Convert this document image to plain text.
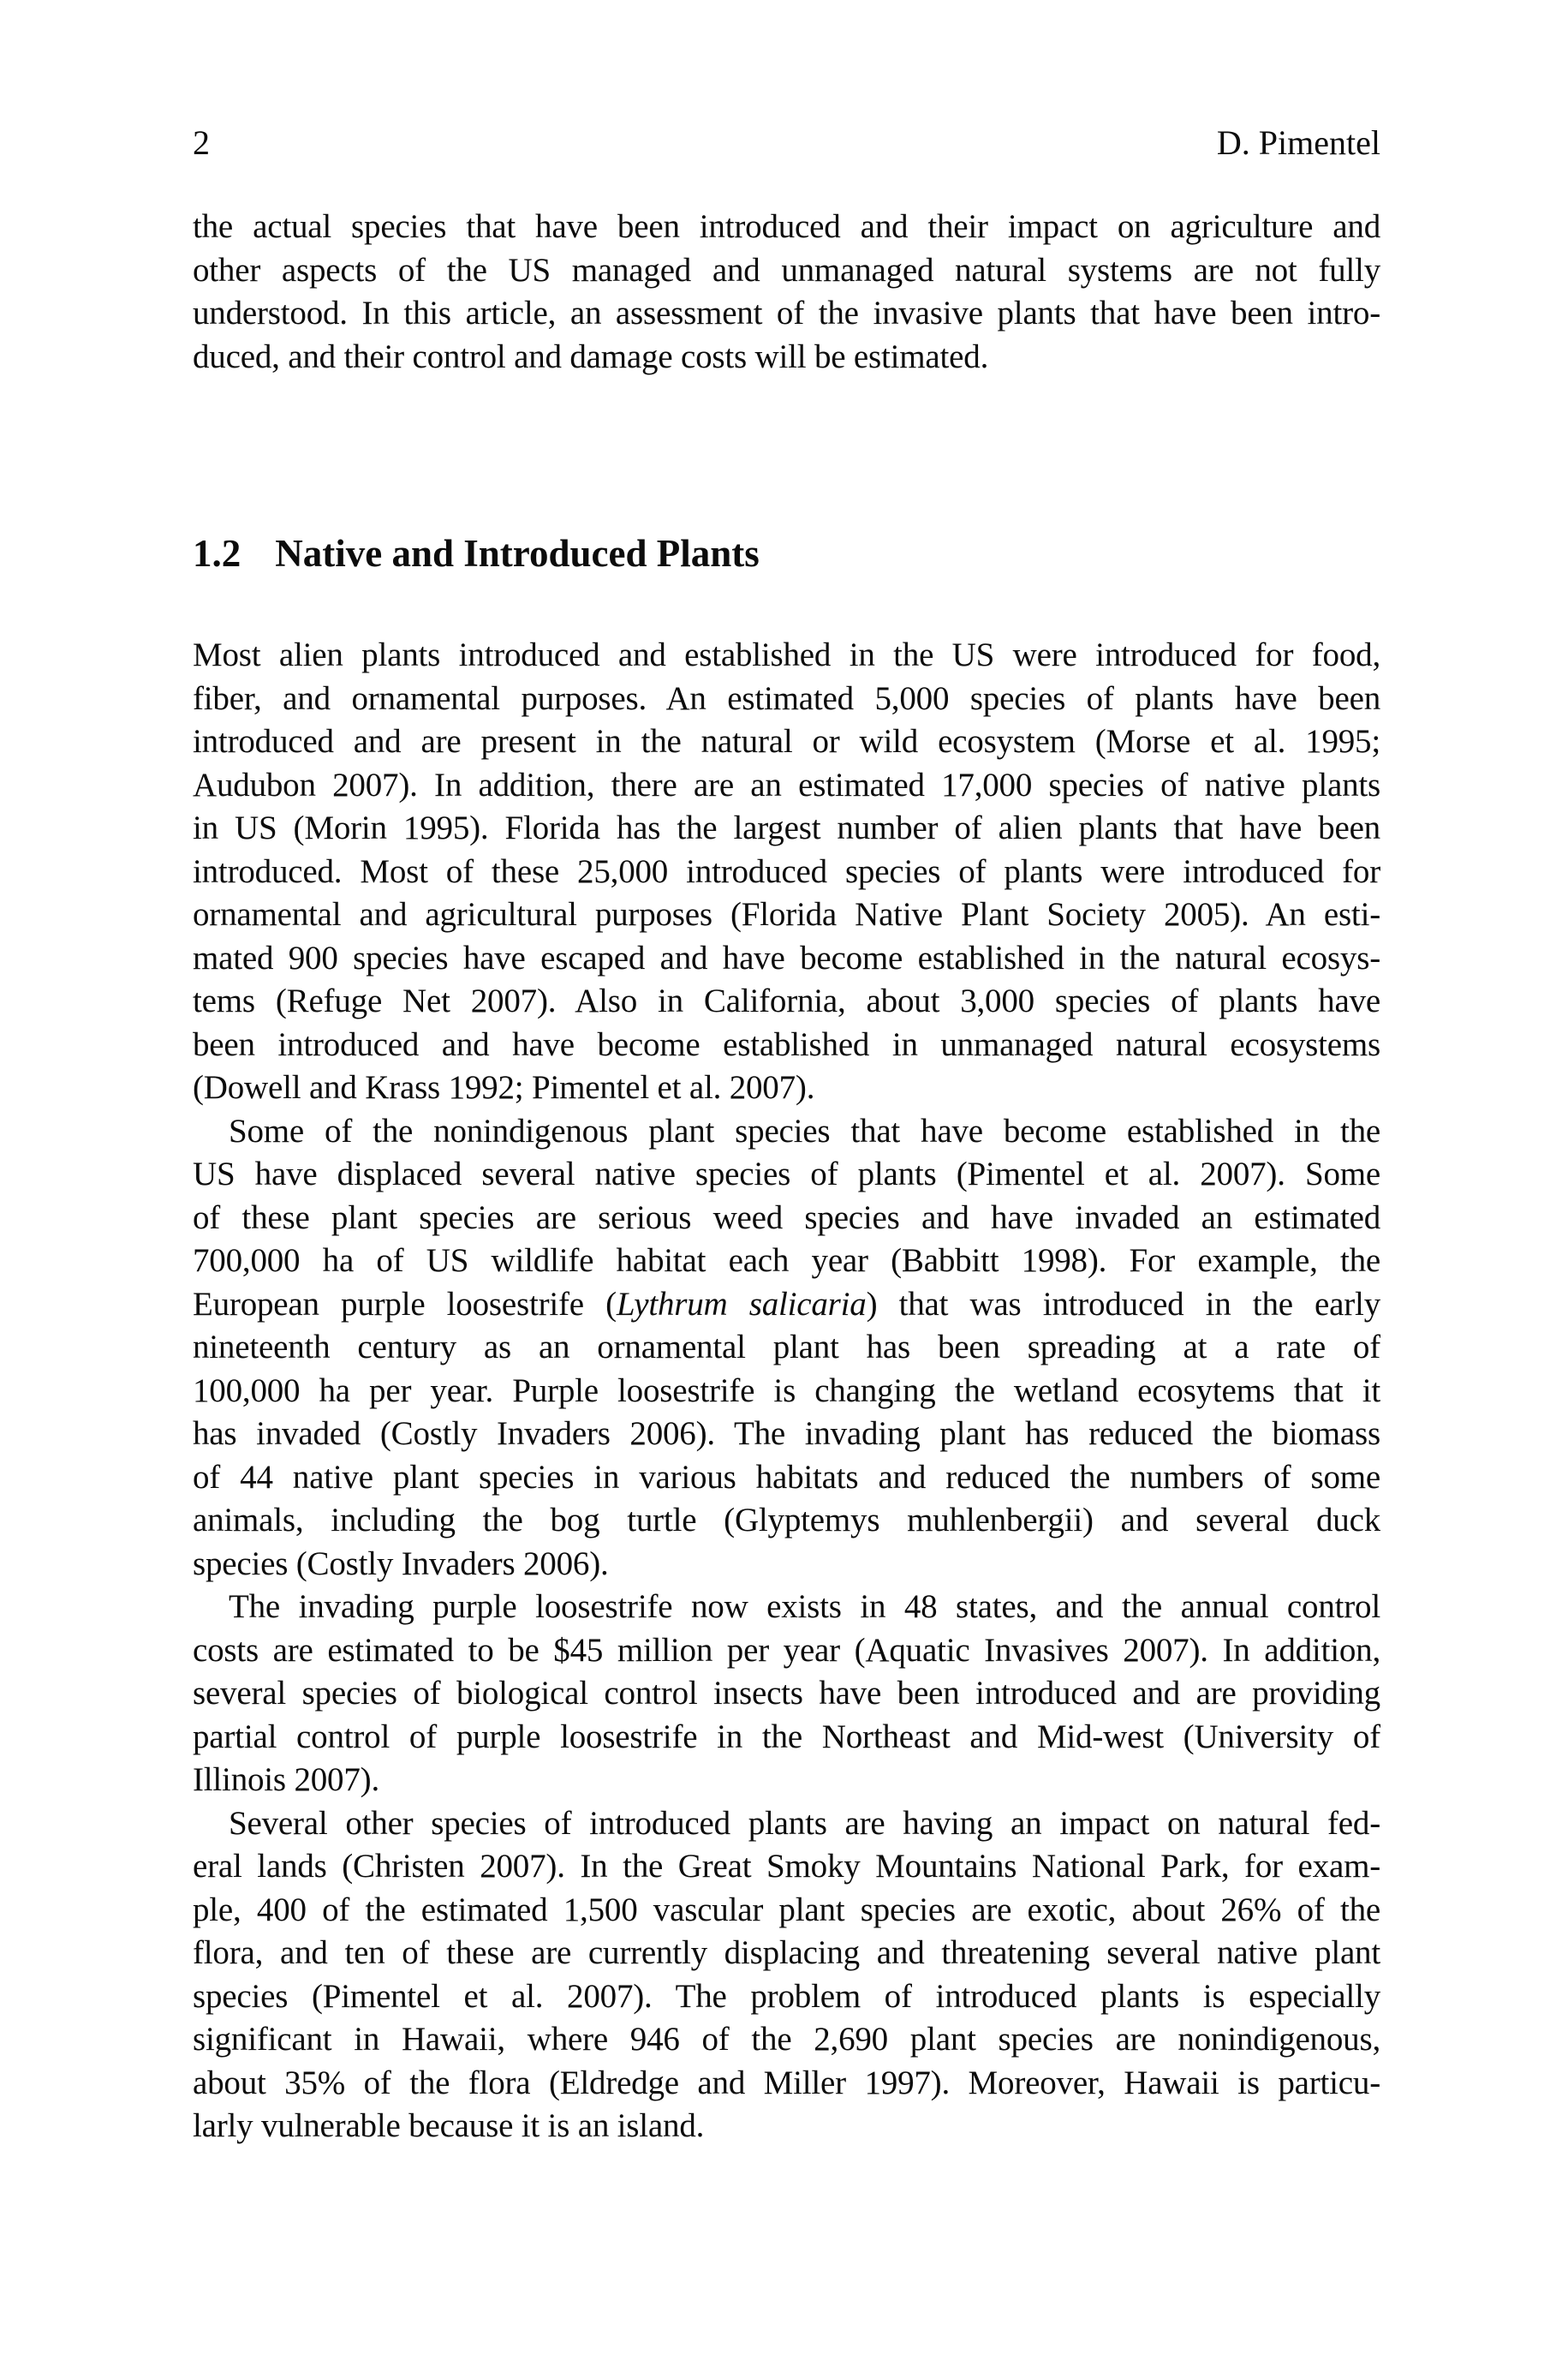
2	D. Pimentel
the actual species that have been introduced and their impact on agriculture and
other aspects of the US managed and unmanaged natural systems are not fully
understood. In this article, an assessment of the invasive plants that have been intro-
duced, and their control and damage costs will be estimated.
1.2 Native and Introduced Plants
Most alien plants introduced and established in the US were introduced for food,
fiber, and ornamental purposes. An estimated 5,000 species of plants have been
introduced and are present in the natural or wild ecosystem (Morse et al. 1995;
Audubon 2007). In addition, there are an estimated 17,000 species of native plants
in US (Morin 1995). Florida has the largest number of alien plants that have been
introduced. Most of these 25,000 introduced species of plants were introduced for
ornamental and agricultural purposes (Florida Native Plant Society 2005). An esti-
mated 900 species have escaped and have become established in the natural ecosys-
tems (Refuge Net 2007). Also in California, about 3,000 species of plants have
been introduced and have become established in unmanaged natural ecosystems
(Dowell and Krass 1992; Pimentel et al. 2007).
Some of the nonindigenous plant species that have become established in the
US have displaced several native species of plants (Pimentel et al. 2007). Some
of these plant species are serious weed species and have invaded an estimated
700,000 ha of US wildlife habitat each year (Babbitt 1998). For example, the
European purple loosestrife (Lythrum salicaria) that was introduced in the early
nineteenth century as an ornamental plant has been spreading at a rate of
100,000 ha per year. Purple loosestrife is changing the wetland ecosytems that it
has invaded (Costly Invaders 2006). The invading plant has reduced the biomass
of 44 native plant species in various habitats and reduced the numbers of some
animals, including the bog turtle (Glyptemys muhlenbergii) and several duck
species (Costly Invaders 2006).
The invading purple loosestrife now exists in 48 states, and the annual control
costs are estimated to be $45 million per year (Aquatic Invasives 2007). In addition,
several species of biological control insects have been introduced and are providing
partial control of purple loosestrife in the Northeast and Mid-west (University of
Illinois 2007).
Several other species of introduced plants are having an impact on natural fed-
eral lands (Christen 2007). In the Great Smoky Mountains National Park, for exam-
ple, 400 of the estimated 1,500 vascular plant species are exotic, about 26% of the
flora, and ten of these are currently displacing and threatening several native plant
species (Pimentel et al. 2007). The problem of introduced plants is especially
significant in Hawaii, where 946 of the 2,690 plant species are nonindigenous,
about 35% of the flora (Eldredge and Miller 1997). Moreover, Hawaii is particu-
larly vulnerable because it is an island.
